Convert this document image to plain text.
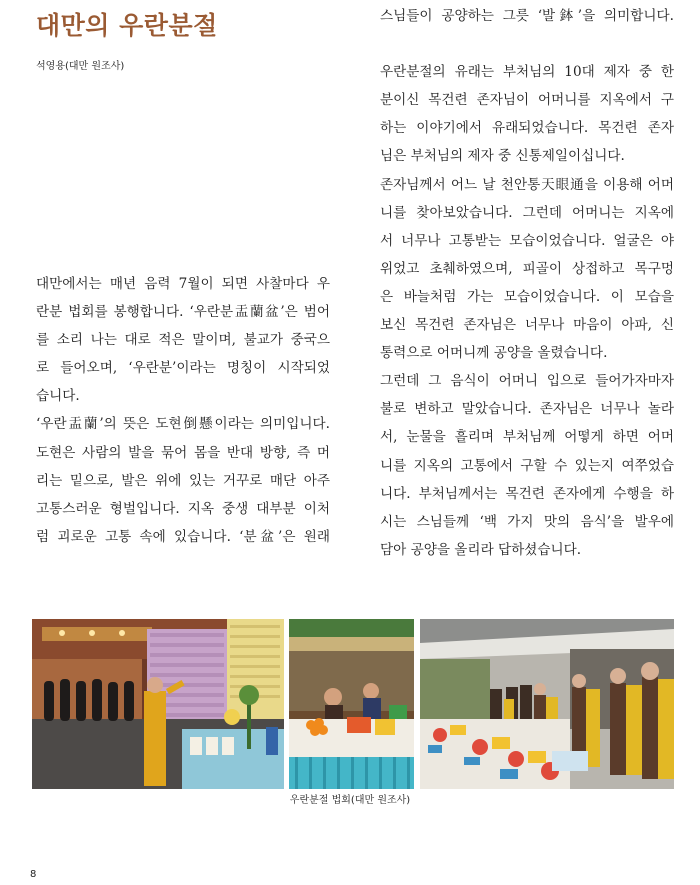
대만의 우란분절
석영용(대만 원조사)
대만에서는 매년 음력 7월이 되면 사찰마다 우
란분 법회를 봉행합니다. ‘우란분盂蘭盆’은 범어
를 소리 나는 대로 적은 말이며, 불교가 중국으
로 들어오며, ‘우란분’이라는 명칭이 시작되었
습니다.
‘우란盂蘭’의 뜻은 도현倒懸이라는 의미입니다.
도현은 사람의 발을 묶어 몸을 반대 방향, 즉 머
리는 밑으로, 발은 위에 있는 거꾸로 매단 아주
고통스러운 형벌입니다. 지옥 중생 대부분 이처
럼 괴로운 고통 속에 있습니다. ‘분盆’은 원래
스님들이 공양하는 그릇 ‘발鉢’을 의미합니다.
우란분절의 유래는 부처님의 10대 제자 중 한
분이신 목건련 존자님이 어머니를 지옥에서 구
하는 이야기에서 유래되었습니다. 목건련 존자
님은 부처님의 제자 중 신통제일이십니다.
존자님께서 어느 날 천안통天眼通을 이용해 어머
니를 찾아보았습니다. 그런데 어머니는 지옥에
서 너무나 고통받는 모습이었습니다. 얼굴은 야
위었고 초췌하였으며, 피골이 상접하고 목구멍
은 바늘처럼 가는 모습이었습니다. 이 모습을
보신 목건련 존자님은 너무나 마음이 아파, 신
통력으로 어머니께 공양을 올렸습니다.
그런데 그 음식이 어머니 입으로 들어가자마자
불로 변하고 말았습니다. 존자님은 너무나 놀라
서, 눈물을 흘리며 부처님께 어떻게 하면 어머
니를 지옥의 고통에서 구할 수 있는지 여쭈었습
니다. 부처님께서는 목건련 존자에게 수행을 하
시는 스님들께 ‘백 가지 맛의 음식’을 발우에
담아 공양을 올리라 답하셨습니다.
우란분절 법회(대만 원조사)
8
